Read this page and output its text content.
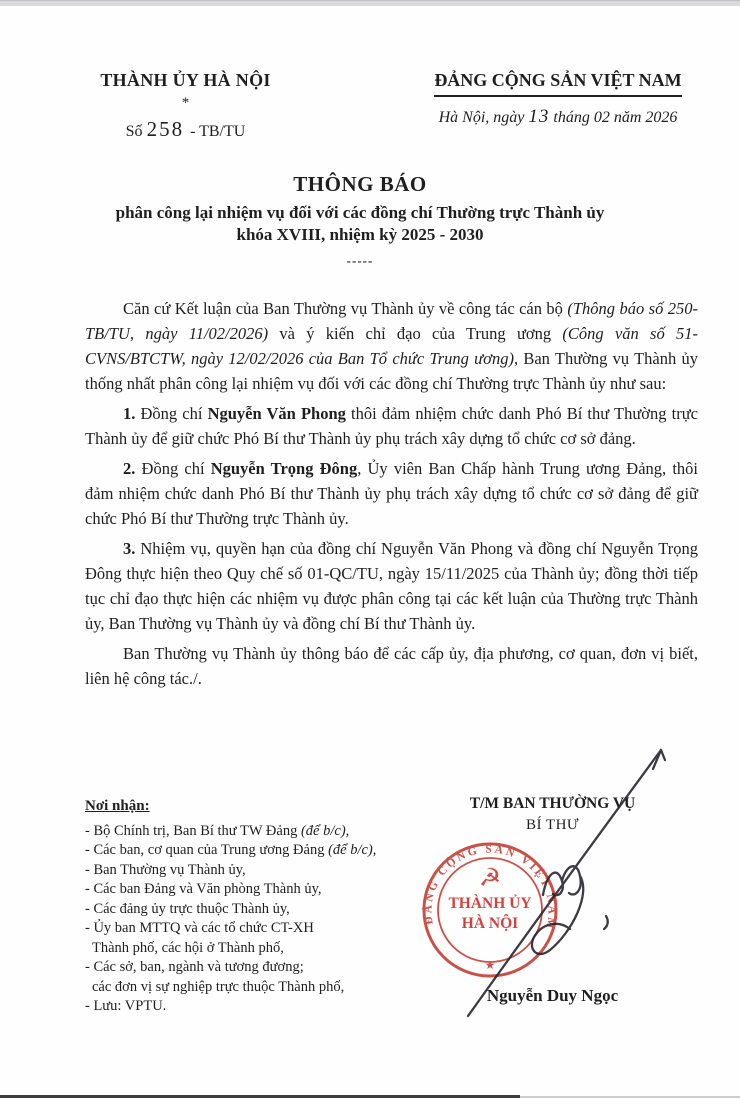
THÀNH ỦY HÀ NỘI
*
Số 258 - TB/TU
ĐẢNG CỘNG SẢN VIỆT NAM
Hà Nội, ngày 13 tháng 02 năm 2026
THÔNG BÁO
phân công lại nhiệm vụ đối với các đồng chí Thường trực Thành ủy
khóa XVIII, nhiệm kỳ 2025 - 2030
-----

Căn cứ Kết luận của Ban Thường vụ Thành ủy về công tác cán bộ (Thông báo số 250-TB/TU, ngày 11/02/2026) và ý kiến chỉ đạo của Trung ương (Công văn số 51-CVNS/BTCTW, ngày 12/02/2026 của Ban Tổ chức Trung ương), Ban Thường vụ Thành ủy thống nhất phân công lại nhiệm vụ đối với các đồng chí Thường trực Thành ủy như sau:

1. Đồng chí Nguyễn Văn Phong thôi đảm nhiệm chức danh Phó Bí thư Thường trực Thành ủy để giữ chức Phó Bí thư Thành ủy phụ trách xây dựng tổ chức cơ sở đảng.

2. Đồng chí Nguyễn Trọng Đông, Ủy viên Ban Chấp hành Trung ương Đảng, thôi đảm nhiệm chức danh Phó Bí thư Thành ủy phụ trách xây dựng tổ chức cơ sở đảng để giữ chức Phó Bí thư Thường trực Thành ủy.

3. Nhiệm vụ, quyền hạn của đồng chí Nguyễn Văn Phong và đồng chí Nguyễn Trọng Đông thực hiện theo Quy chế số 01-QC/TU, ngày 15/11/2025 của Thành ủy; đồng thời tiếp tục chỉ đạo thực hiện các nhiệm vụ được phân công tại các kết luận của Thường trực Thành ủy, Ban Thường vụ Thành ủy và đồng chí Bí thư Thành ủy.

Ban Thường vụ Thành ủy thông báo để các cấp ủy, địa phương, cơ quan, đơn vị biết, liên hệ công tác./.

Nơi nhận:
- Bộ Chính trị, Ban Bí thư TW Đảng (để b/c),
- Các ban, cơ quan của Trung ương Đảng (để b/c),
- Ban Thường vụ Thành ủy,
- Các ban Đảng và Văn phòng Thành ủy,
- Các đảng ủy trực thuộc Thành ủy,
- Ủy ban MTTQ và các tổ chức CT-XH
Thành phố, các hội ở Thành phố,
- Các sở, ban, ngành và tương đương;
các đơn vị sự nghiệp trực thuộc Thành phố,
- Lưu: VPTU.
T/M BAN THƯỜNG VỤ
BÍ THƯ
ĐẢNG CỘNG SẢN VIỆT NAM
☭
THÀNH ỦY
HÀ NỘI
★
Nguyễn Duy Ngọc
